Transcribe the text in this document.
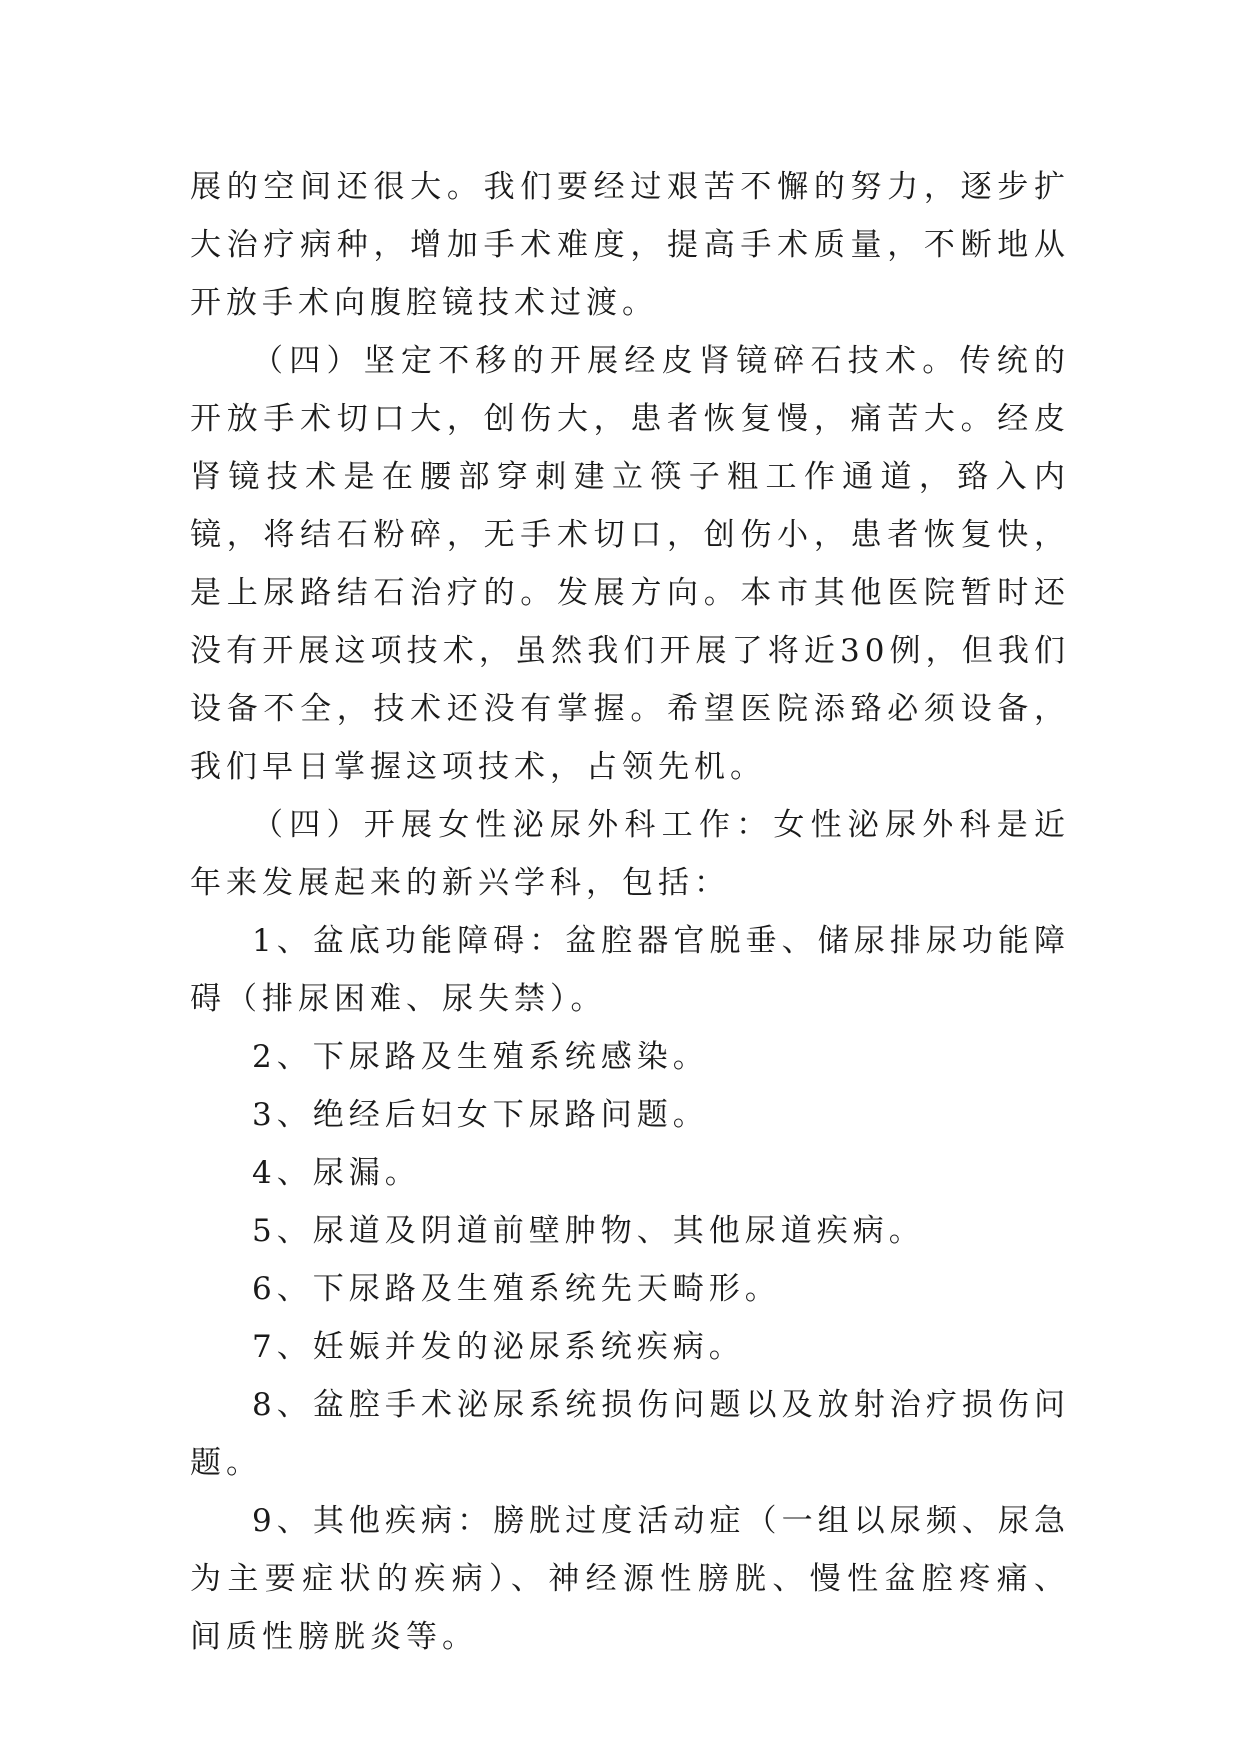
展的空间还很大。我们要经过艰苦不懈的努力，逐步扩大治疗病种，增加手术难度，提高手术质量，不断地从开放手术向腹腔镜技术过渡。

（四）坚定不移的开展经皮肾镜碎石技术。传统的开放手术切口大，创伤大，患者恢复慢，痛苦大。经皮肾镜技术是在腰部穿刺建立筷子粗工作通道，臵入内镜，将结石粉碎，无手术切口，创伤小，患者恢复快，是上尿路结石治疗的。发展方向。本市其他医院暂时还没有开展这项技术，虽然我们开展了将近30例，但我们设备不全，技术还没有掌握。希望医院添臵必须设备，我们早日掌握这项技术，占领先机。

（四）开展女性泌尿外科工作：女性泌尿外科是近年来发展起来的新兴学科，包括：

1、盆底功能障碍：盆腔器官脱垂、储尿排尿功能障碍（排尿困难、尿失禁）。

2、下尿路及生殖系统感染。

3、绝经后妇女下尿路问题。

4、尿漏。

5、尿道及阴道前壁肿物、其他尿道疾病。

6、下尿路及生殖系统先天畸形。

7、妊娠并发的泌尿系统疾病。

8、盆腔手术泌尿系统损伤问题以及放射治疗损伤问题。

9、其他疾病：膀胱过度活动症（一组以尿频、尿急为主要症状的疾病）、神经源性膀胱、慢性盆腔疼痛、间质性膀胱炎等。
